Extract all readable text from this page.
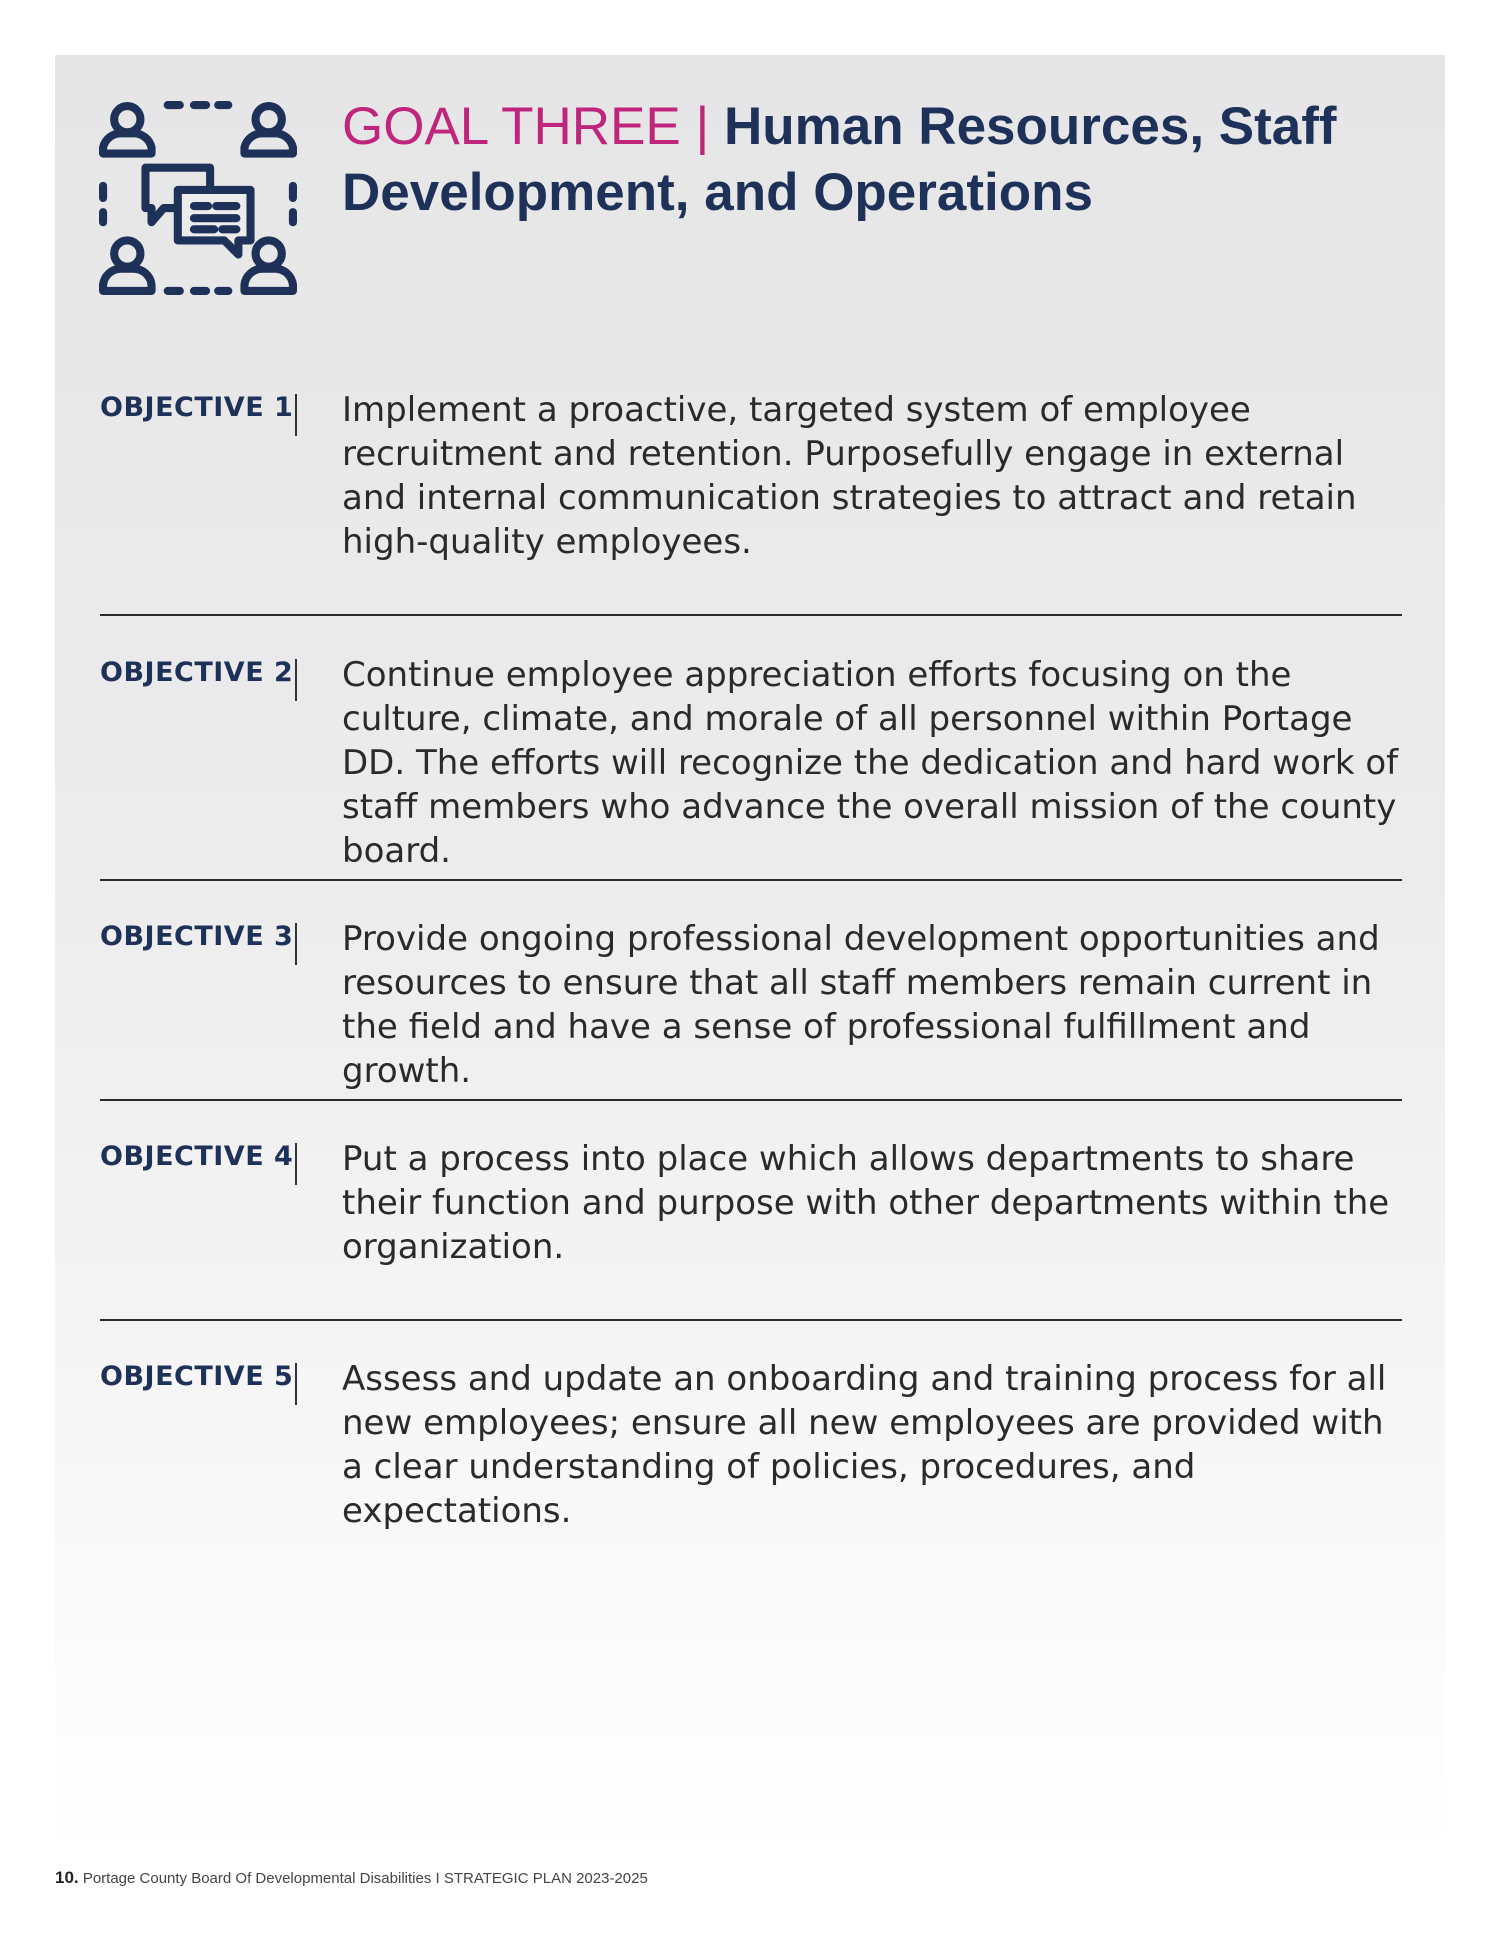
GOAL THREE | Human Resources, Staff Development, and Operations
OBJECTIVE 1 Implement a proactive, targeted system of employee recruitment and retention. Purposefully engage in external and internal communication strategies to attract and retain high-quality employees.

OBJECTIVE 2 Continue employee appreciation efforts focusing on the culture, climate, and morale of all personnel within Portage DD. The efforts will recognize the dedication and hard work of staff members who advance the overall mission of the county board.

OBJECTIVE 3 Provide ongoing professional development opportunities and resources to ensure that all staff members remain current in the field and have a sense of professional fulfillment and growth.

OBJECTIVE 4 Put a process into place which allows departments to share their function and purpose with other departments within the organization.

OBJECTIVE 5 Assess and update an onboarding and training process for all new employees; ensure all new employees are provided with a clear understanding of policies, procedures, and expectations.

10. Portage County Board Of Developmental Disabilities I STRATEGIC PLAN 2023-2025
